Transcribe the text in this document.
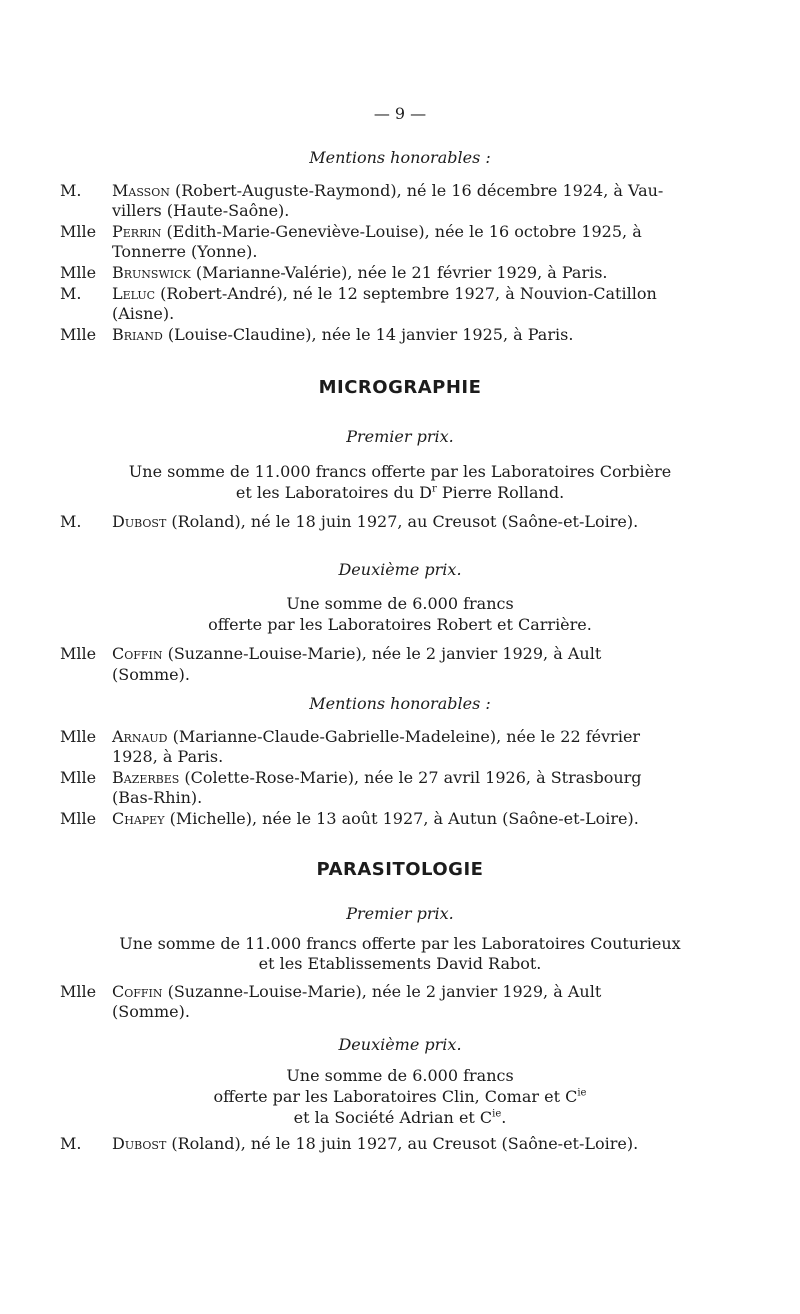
— 9 —
Mentions honorables :
M. Masson (Robert-Auguste-Raymond), né le 16 décembre 1924, à Vau-
villers (Haute-Saône).
Mlle Perrin (Edith-Marie-Geneviève-Louise), née le 16 octobre 1925, à
Tonnerre (Yonne).
Mlle Brunswick (Marianne-Valérie), née le 21 février 1929, à Paris.
M. Leluc (Robert-André), né le 12 septembre 1927, à Nouvion-Catillon
(Aisne).
Mlle Briand (Louise-Claudine), née le 14 janvier 1925, à Paris.
MICROGRAPHIE
Premier prix.
Une somme de 11.000 francs offerte par les Laboratoires Corbière
et les Laboratoires du $D^r$ Pierre Rolland.
M. Dubost (Roland), né le 18 juin 1927, au Creusot (Saône-et-Loire).
Deuxième prix.
Une somme de 6.000 francs
offerte par les Laboratoires Robert et Carrière.
Mlle Coffin (Suzanne-Louise-Marie), née le 2 janvier 1929, à Ault
(Somme).
Mentions honorables :
Mlle Arnaud (Marianne-Claude-Gabrielle-Madeleine), née le 22 février
1928, à Paris.
Mlle Bazerbes (Colette-Rose-Marie), née le 27 avril 1926, à Strasbourg
(Bas-Rhin).
Mlle Chapey (Michelle), née le 13 août 1927, à Autun (Saône-et-Loire).
PARASITOLOGIE
Premier prix.
Une somme de 11.000 francs offerte par les Laboratoires Couturieux
et les Etablissements David Rabot.
Mlle Coffin (Suzanne-Louise-Marie), née le 2 janvier 1929, à Ault
(Somme).
Deuxième prix.
Une somme de 6.000 francs
offerte par les Laboratoires Clin, Comar et $C^{ie}$
et la Société Adrian et $C^{ie}$.
M. Dubost (Roland), né le 18 juin 1927, au Creusot (Saône-et-Loire).
